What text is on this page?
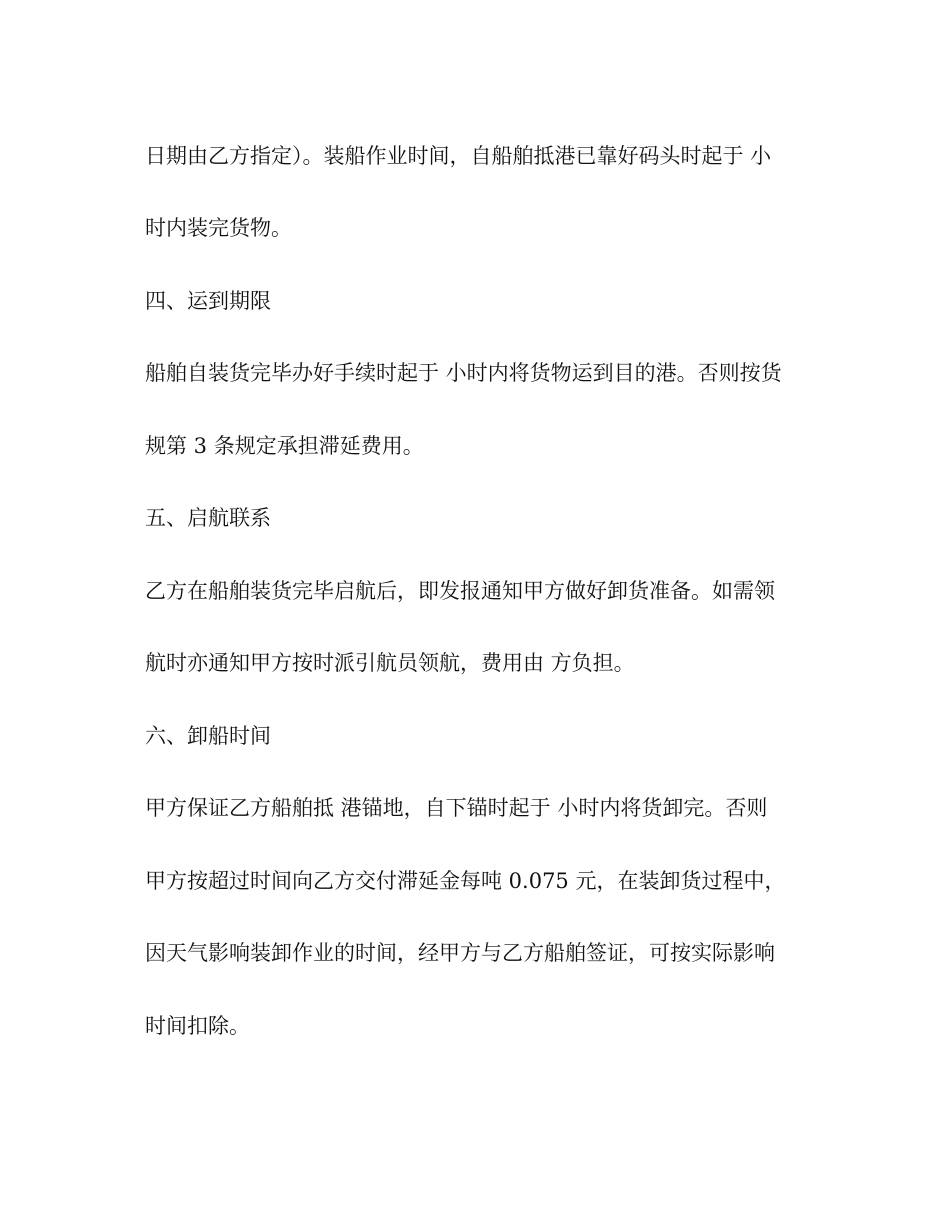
日期由乙方指定）。装船作业时间，自船舶抵港已靠好码头时起于 小
时内装完货物。
四、运到期限
船舶自装货完毕办好手续时起于 小时内将货物运到目的港。否则按货
规第 3 条规定承担滞延费用。
五、启航联系
乙方在船舶装货完毕启航后，即发报通知甲方做好卸货准备。如需领
航时亦通知甲方按时派引航员领航，费用由 方负担。
六、卸船时间
甲方保证乙方船舶抵 港锚地，自下锚时起于 小时内将货卸完。否则
甲方按超过时间向乙方交付滞延金每吨 0.075 元，在装卸货过程中，
因天气影响装卸作业的时间，经甲方与乙方船舶签证，可按实际影响
时间扣除。
